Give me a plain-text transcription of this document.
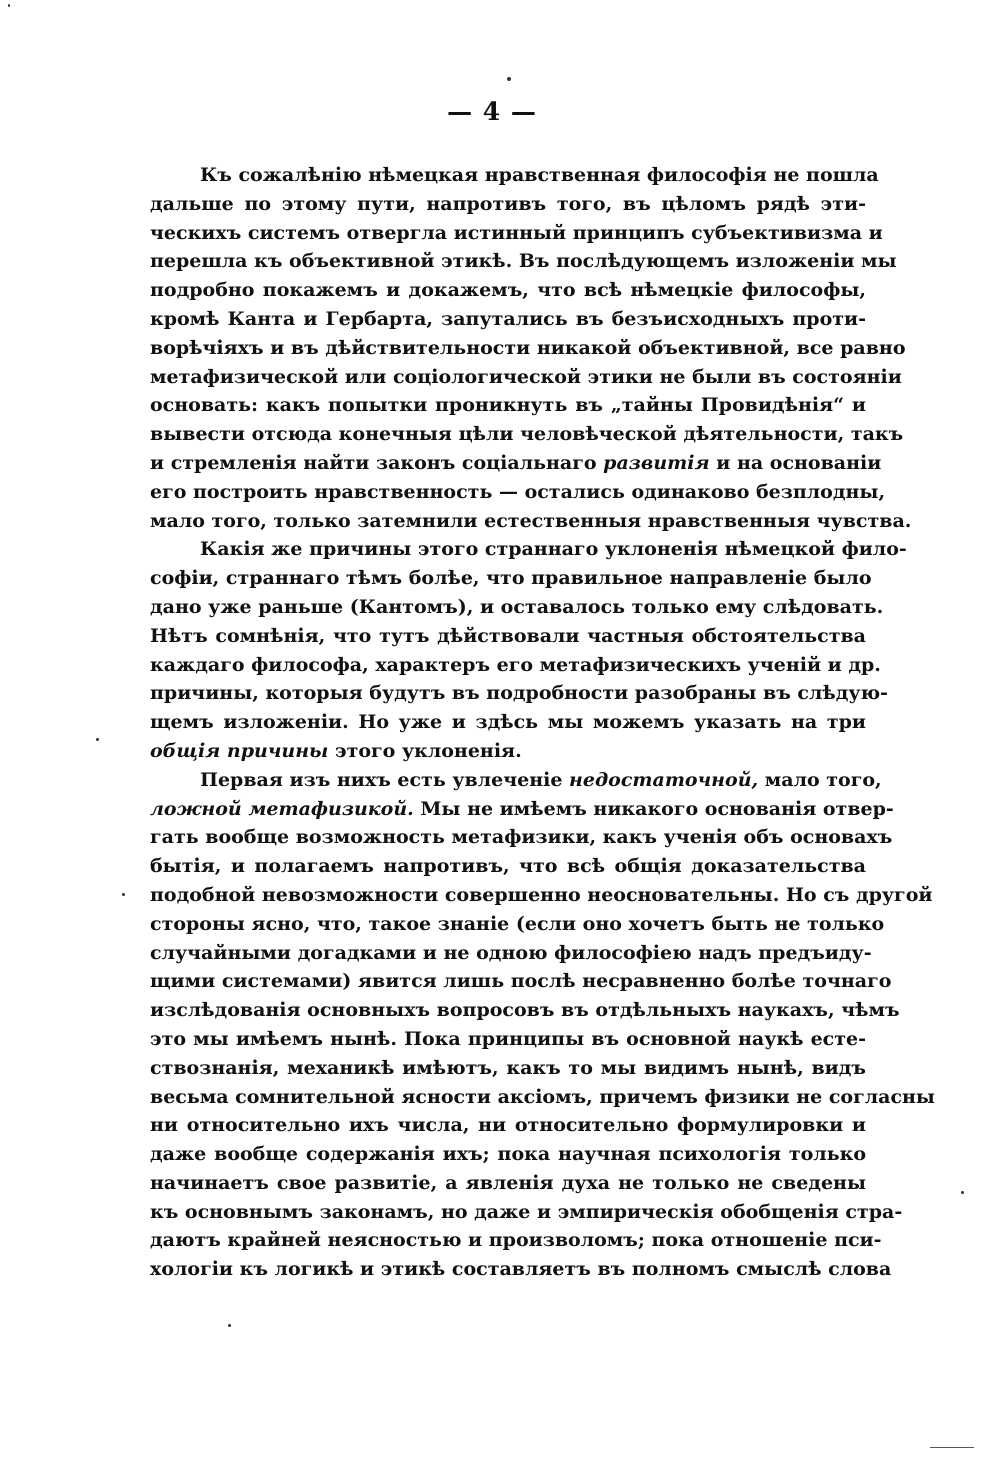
— 4 —
Къ сожалѣнію нѣмецкая нравственная философія не пошла
дальше по этому пути, напротивъ того, въ цѣломъ рядѣ эти-
ческихъ системъ отвергла истинный принципъ субъективизма и
перешла къ объективной этикѣ. Въ послѣдующемъ изложеніи мы
подробно покажемъ и докажемъ, что всѣ нѣмецкіе философы,
кромѣ Канта и Гербарта, запутались въ безъисходныхъ проти-
ворѣчіяхъ и въ дѣйствительности никакой объективной, все равно
метафизической или соціологической этики не были въ состояніи
основать: какъ попытки проникнуть въ „тайны Провидѣнія“ и
вывести отсюда конечныя цѣли человѣческой дѣятельности, такъ
и стремленія найти законъ соціальнаго развитія и на основаніи
его построить нравственность — остались одинаково безплодны,
мало того, только затемнили естественныя нравственныя чувства.
Какія же причины этого страннаго уклоненія нѣмецкой фило-
софіи, страннаго тѣмъ болѣе, что правильное направленіе было
дано уже раньше (Кантомъ), и оставалось только ему слѣдовать.
Нѣтъ сомнѣнія, что тутъ дѣйствовали частныя обстоятельства
каждаго философа, характеръ его метафизическихъ ученій и др.
причины, которыя будутъ въ подробности разобраны въ слѣдую-
щемъ изложеніи. Но уже и здѣсь мы можемъ указать на три
общія причины этого уклоненія.
Первая изъ нихъ есть увлеченіе недостаточной, мало того,
ложной метафизикой. Мы не имѣемъ никакого основанія отвер-
гать вообще возможность метафизики, какъ ученія объ основахъ
бытія, и полагаемъ напротивъ, что всѣ общія доказательства
подобной невозможности совершенно неосновательны. Но съ другой
стороны ясно, что, такое знаніе (если оно хочетъ быть не только
случайными догадками и не одною философіею надъ предъиду-
щими системами) явится лишь послѣ несравненно болѣе точнаго
изслѣдованія основныхъ вопросовъ въ отдѣльныхъ наукахъ, чѣмъ
это мы имѣемъ нынѣ. Пока принципы въ основной наукѣ есте-
ствознанія, механикѣ имѣютъ, какъ то мы видимъ нынѣ, видъ
весьма сомнительной ясности аксіомъ, причемъ физики не согласны
ни относительно ихъ числа, ни относительно формулировки и
даже вообще содержанія ихъ; пока научная психологія только
начинаетъ свое развитіе, а явленія духа не только не сведены
къ основнымъ законамъ, но даже и эмпирическія обобщенія стра-
даютъ крайней неясностью и произволомъ; пока отношеніе пси-
хологіи къ логикѣ и этикѣ составляетъ въ полномъ смыслѣ слова
